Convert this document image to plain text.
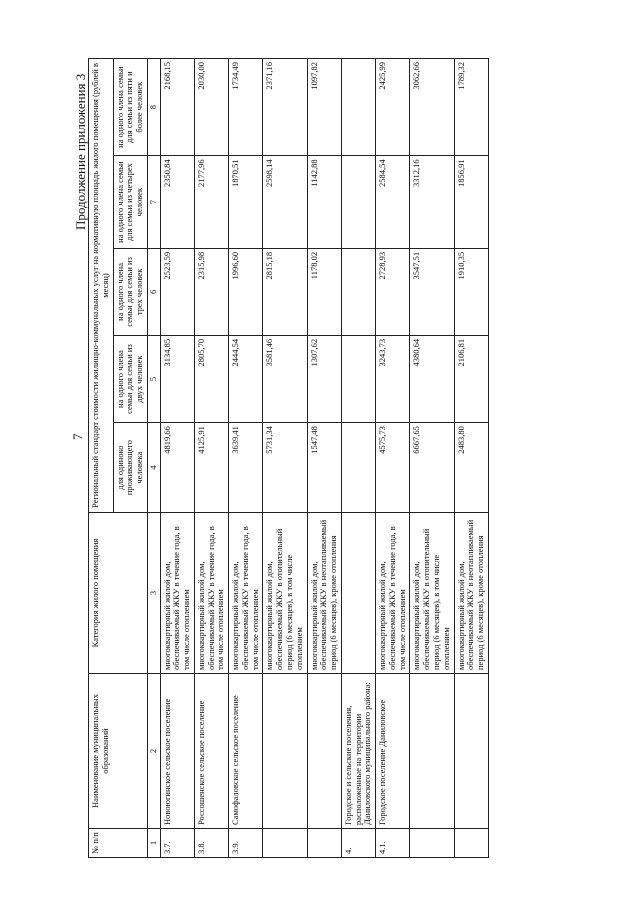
7
Продолжение приложения 3
№ п/п	Наименование муниципальных образований	Категория жилого помещения	Региональный стандарт стоимости жилищно-коммунальных услуг на нормативную площадь жилого помещения (рублей в месяц)				
			для одиноко проживающего человека	на одного члена семьи для семьи из двух человек	на одного члена семьи для семьи из трех человек	на одного члена семьи для семьи из четырех человек	на одного члена семьи для семьи из пяти и более человек
1	2	3	4	5	6	7	8
3.7.	Новоюгинское сельское поселение	многоквартирный жилой дом, обеспечиваемый ЖКУ в течение года, в том числе отоплением	4819,66	3134,85	2523,59	2350,84	2168,15
3.8.	Россошенское сельское поселение	многоквартирный жилой дом, обеспечиваемый ЖКУ в течение года, в том числе отоплением	4125,91	2805,70	2315,98	2177,96	2030,00
3.9.	Самофаловское сельское поселение	многоквартирный жилой дом, обеспечиваемый ЖКУ в течение года, в том числе отоплением	3639,41	2444,54	1996,60	1870,51	1734,49
		многоквартирный жилой дом, обеспечиваемый ЖКУ в отопительный период (6 месяцев), в том числе отоплением	5731,34	3581,46	2815,18	2598,14	2371,16
		многоквартирный жилой дом, обеспечиваемый ЖКУ в неотапливаемый период (6 месяцев), кроме отопления	1547,48	1307,62	1178,02	1142,88	1097,82
4.	Городское и сельские поселения, расположенные на территории Даниловского муниципального района:						
4.1.	Городское поселение Даниловское	многоквартирный жилой дом, обеспечиваемый ЖКУ в течение года, в том числе отоплением	4575,73	3243,73	2728,93	2584,54	2425,99
		многоквартирный жилой дом, обеспечиваемый ЖКУ в отопительный период (6 месяцев), в том числе отоплением	6667,65	4380,64	3547,51	3312,16	3062,66
		многоквартирный жилой дом, обеспечиваемый ЖКУ в неотапливаемый период (6 месяцев), кроме отопления	2483,80	2106,81	1910,35	1856,91	1789,32
